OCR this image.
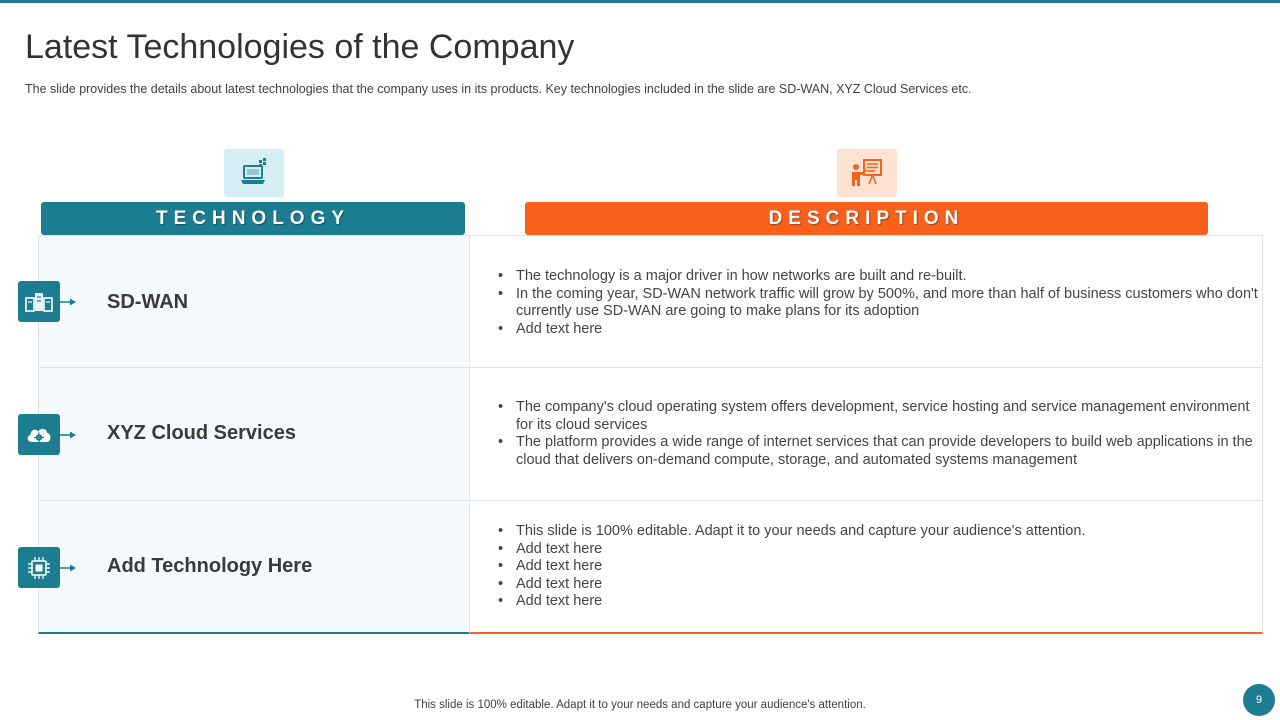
Latest Technologies of the Company

The slide provides the details about latest technologies that the company uses in its products. Key technologies included in the slide are SD-WAN, XYZ Cloud Services etc.

TECHNOLOGY	DESCRIPTION
SD-WAN
• The technology is a major driver in how networks are built and re-built.
• In the coming year, SD-WAN network traffic will grow by 500%, and more than half of business customers who don't currently use SD-WAN are going to make plans for its adoption
• Add text here
XYZ Cloud Services
• The company's cloud operating system offers development, service hosting and service management environment for its cloud services
• The platform provides a wide range of internet services that can provide developers to build web applications in the cloud that delivers on-demand compute, storage, and automated systems management
Add Technology Here
• This slide is 100% editable. Adapt it to your needs and capture your audience's attention.
• Add text here
• Add text here
• Add text here
• Add text here
This slide is 100% editable. Adapt it to your needs and capture your audience's attention.	9
